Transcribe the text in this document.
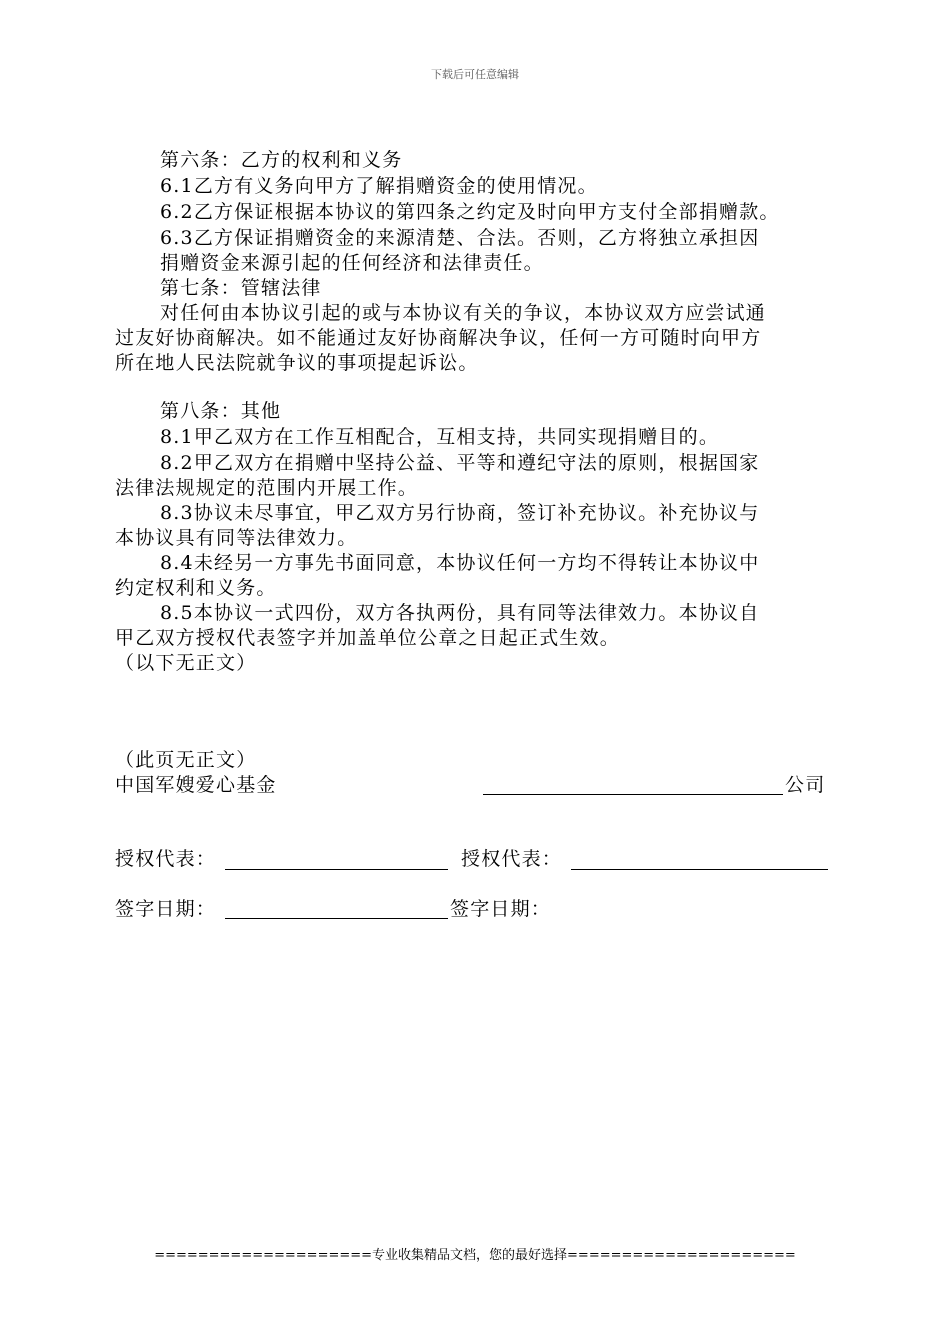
下载后可任意编辑
第六条：乙方的权利和义务
6.1乙方有义务向甲方了解捐赠资金的使用情况。
6.2乙方保证根据本协议的第四条之约定及时向甲方支付全部捐赠款。
6.3乙方保证捐赠资金的来源清楚、合法。否则，乙方将独立承担因
捐赠资金来源引起的任何经济和法律责任。
第七条：管辖法律
对任何由本协议引起的或与本协议有关的争议，本协议双方应尝试通
过友好协商解决。如不能通过友好协商解决争议，任何一方可随时向甲方
所在地人民法院就争议的事项提起诉讼。
第八条：其他
8.1甲乙双方在工作互相配合，互相支持，共同实现捐赠目的。
8.2甲乙双方在捐赠中坚持公益、平等和遵纪守法的原则，根据国家
法律法规规定的范围内开展工作。
8.3协议未尽事宜，甲乙双方另行协商，签订补充协议。补充协议与
本协议具有同等法律效力。
8.4未经另一方事先书面同意，本协议任何一方均不得转让本协议中
约定权利和义务。
8.5本协议一式四份，双方各执两份，具有同等法律效力。本协议自
甲乙双方授权代表签字并加盖单位公章之日起正式生效。
（以下无正文）
（此页无正文）
中国军嫂爱心基金	公司
授权代表：	授权代表：
签字日期：	签字日期：
====================专业收集精品文档，您的最好选择=====================
